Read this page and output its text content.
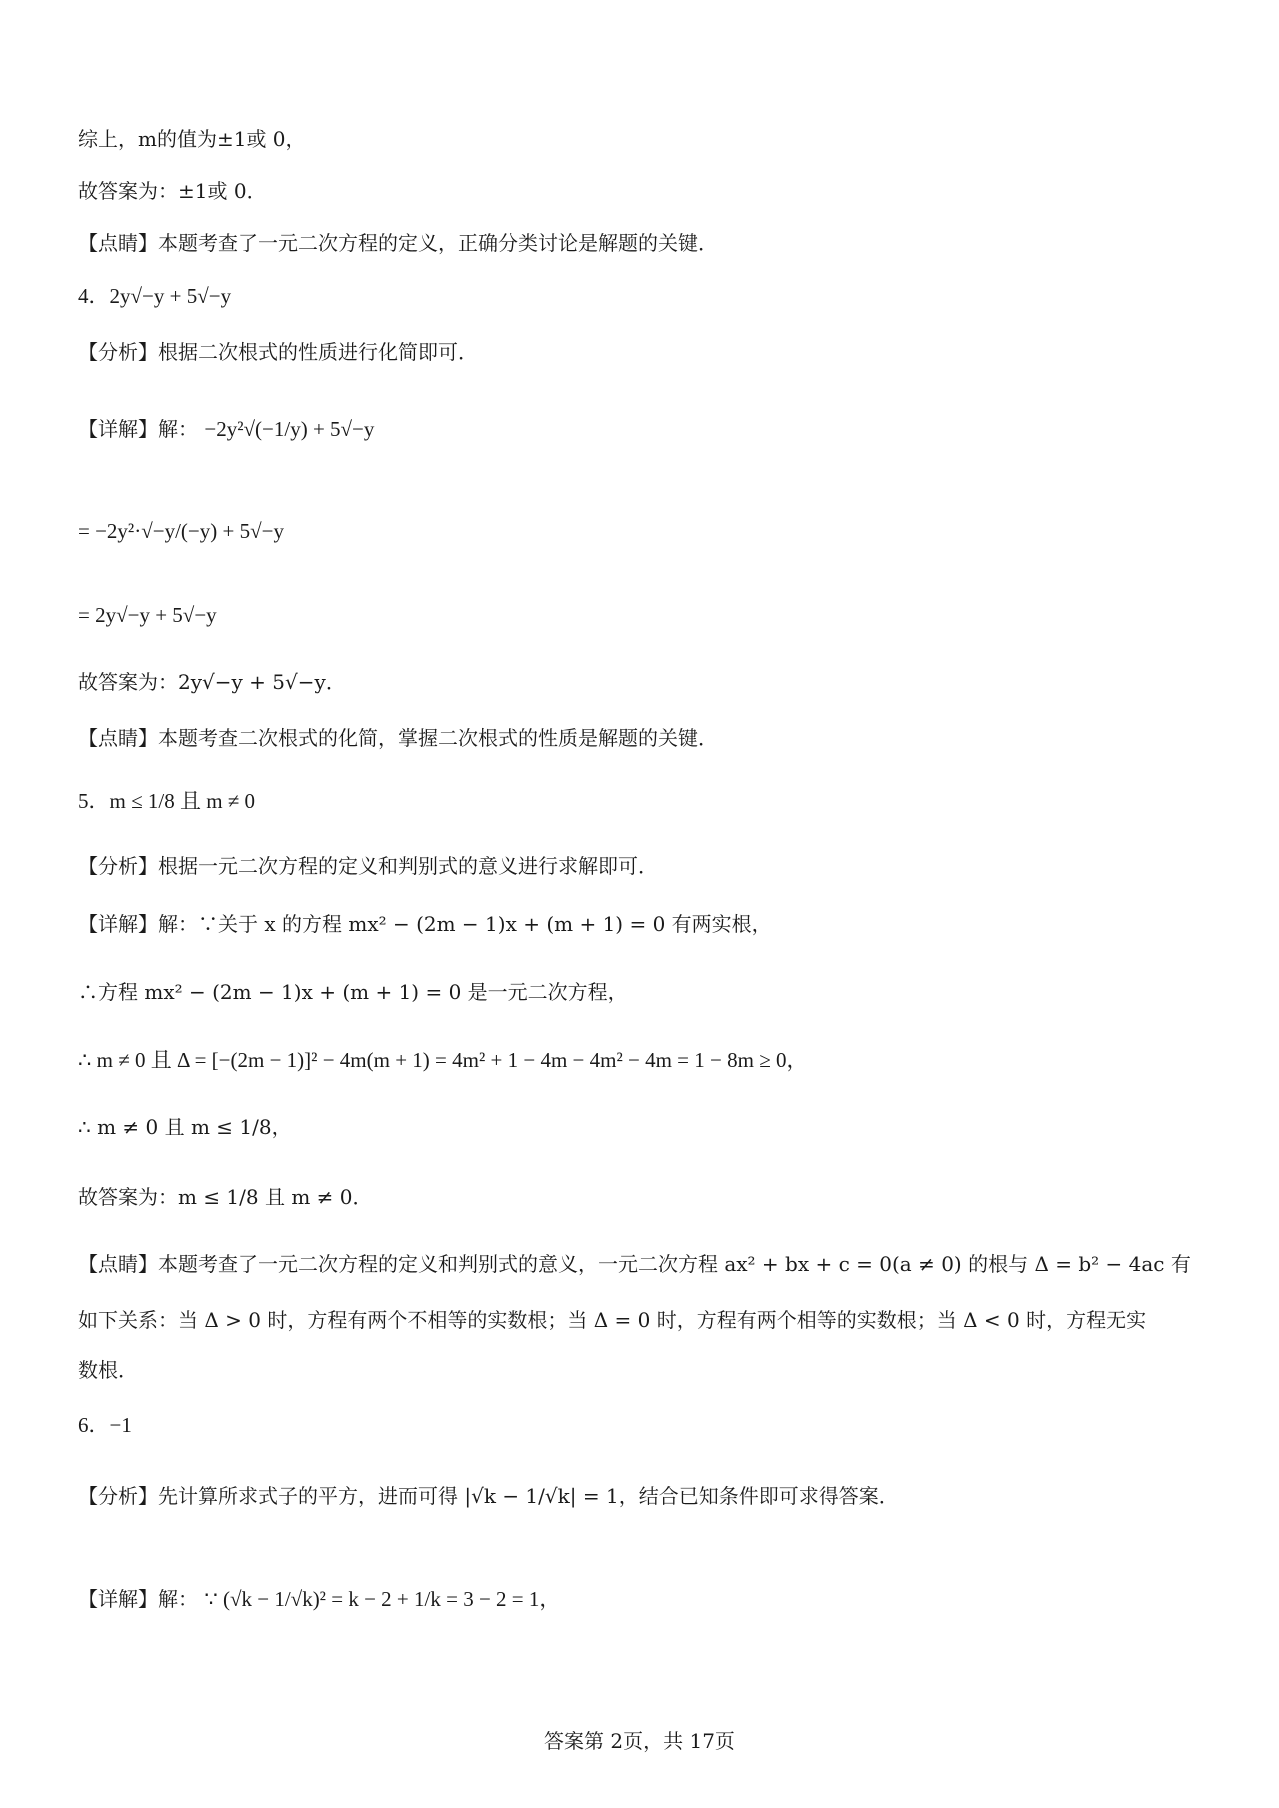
综上，m的值为±1或 0，
故答案为：±1或 0．
【点睛】本题考查了一元二次方程的定义，正确分类讨论是解题的关键．
4．2y√−y + 5√−y
【分析】根据二次根式的性质进行化简即可．
【详解】解： −2y²√(−1/y) + 5√−y
= −2y²·√−y/(−y) + 5√−y
= 2y√−y + 5√−y
故答案为：2y√−y + 5√−y．
【点睛】本题考查二次根式的化简，掌握二次根式的性质是解题的关键．
5．m ≤ 1/8 且 m ≠ 0
【分析】根据一元二次方程的定义和判别式的意义进行求解即可．
【详解】解：∵关于 x 的方程 mx² − (2m − 1)x + (m + 1) = 0 有两实根，
∴方程 mx² − (2m − 1)x + (m + 1) = 0 是一元二次方程，
∴ m ≠ 0 且 Δ = [−(2m − 1)]² − 4m(m + 1) = 4m² + 1 − 4m − 4m² − 4m = 1 − 8m ≥ 0，
∴ m ≠ 0 且 m ≤ 1/8，
故答案为：m ≤ 1/8 且 m ≠ 0．
【点睛】本题考查了一元二次方程的定义和判别式的意义，一元二次方程 ax² + bx + c = 0(a ≠ 0) 的根与 Δ = b² − 4ac 有
如下关系：当 Δ > 0 时，方程有两个不相等的实数根；当 Δ = 0 时，方程有两个相等的实数根；当 Δ < 0 时，方程无实
数根．
6．−1
【分析】先计算所求式子的平方，进而可得 |√k − 1/√k| = 1，结合已知条件即可求得答案．
【详解】解： ∵ (√k − 1/√k)² = k − 2 + 1/k = 3 − 2 = 1，
答案第 2页，共 17页
